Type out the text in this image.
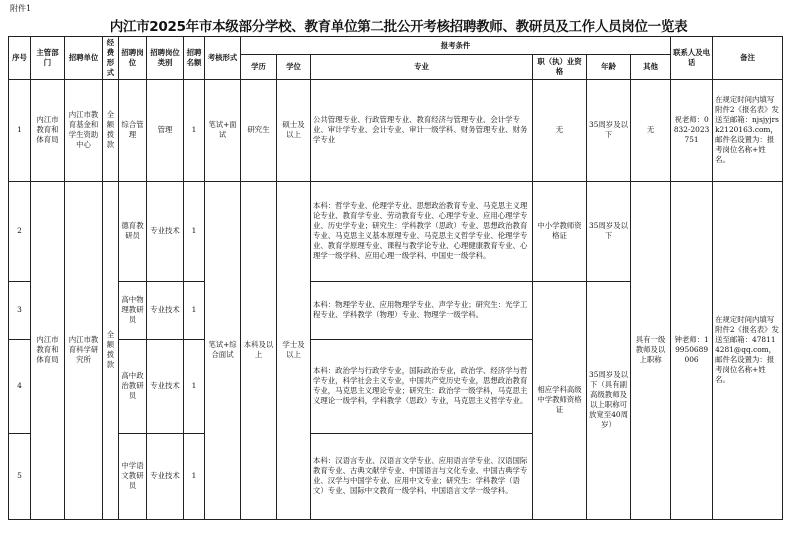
附件1
内江市2025年市本级部分学校、教育单位第二批公开考核招聘教师、教研员及工作人员岗位一览表
序号	主管部门	招聘单位	经费形式	招聘岗位	招聘岗位类别	招聘名额	考核形式	报考条件						联系人及电话	备注
								学历	学位	专业	职（执）业资格	年龄	其他		
1	内江市教育和体育局	内江市教育基金和学生资助中心	全额拨款	综合管理	管理	1	笔试+面试	研究生	硕士及以上	公共管理专业、行政管理专业、教育经济与管理专业、会计学专业、审计学专业、会计专业、审计一级学科、财务管理专业、财务学专业	无	35周岁及以下	无	祝老师：0832-2023751	在规定时间内填写附件2《报名表》发送至邮箱：njsjyjrsk2120163.com，邮件名设置为：报考岗位名称+姓名。
2	内江市教育和体育局	内江市教育科学研究所	全额拨款	德育教研员	专业技术	1	笔试+综合面试	本科及以上	学士及以上	本科：哲学专业、伦理学专业、思想政治教育专业、马克思主义理论专业、教育学专业、劳动教育专业、心理学专业、应用心理学专业、历史学专业；研究生：学科教学（思政）专业、思想政治教育专业、马克思主义基本原理专业、马克思主义哲学专业、伦理学专业、教育学原理专业、课程与教学论专业、心理健康教育专业、心理学一级学科、应用心理一级学科、中国史一级学科。	中小学教师资格证	35周岁及以下	具有一级教师及以上职称	钟老师：19950689006	在规定时间内填写附件2《报名表》发送至邮箱：478114281@qq.com，邮件名设置为：报考岗位名称+姓名。
3				高中物理教研员	专业技术	1				本科：物理学专业、应用物理学专业、声学专业；研究生：光学工程专业、学科教学（物理）专业、物理学一级学科。	相应学科高级中学教师资格证	35周岁及以下（具有副高级教师及以上职称可放宽至40周岁）			
4				高中政治教研员	专业技术	1				本科：政治学与行政学专业，国际政治专业，政治学、经济学与哲学专业，科学社会主义专业，中国共产党历史专业，思想政治教育专业，马克思主义理论专业；研究生：政治学一级学科，马克思主义理论一级学科，学科教学（思政）专业，马克思主义哲学专业。					
5				中学语文教研员	专业技术	1				本科：汉语言专业、汉语言文学专业、应用语言学专业、汉语国际教育专业、古典文献学专业、中国语言与文化专业、中国古典学专业、汉学与中国学专业、应用中文专业；研究生：学科教学（语文）专业、国际中文教育一级学科、中国语言文学一级学科。					
